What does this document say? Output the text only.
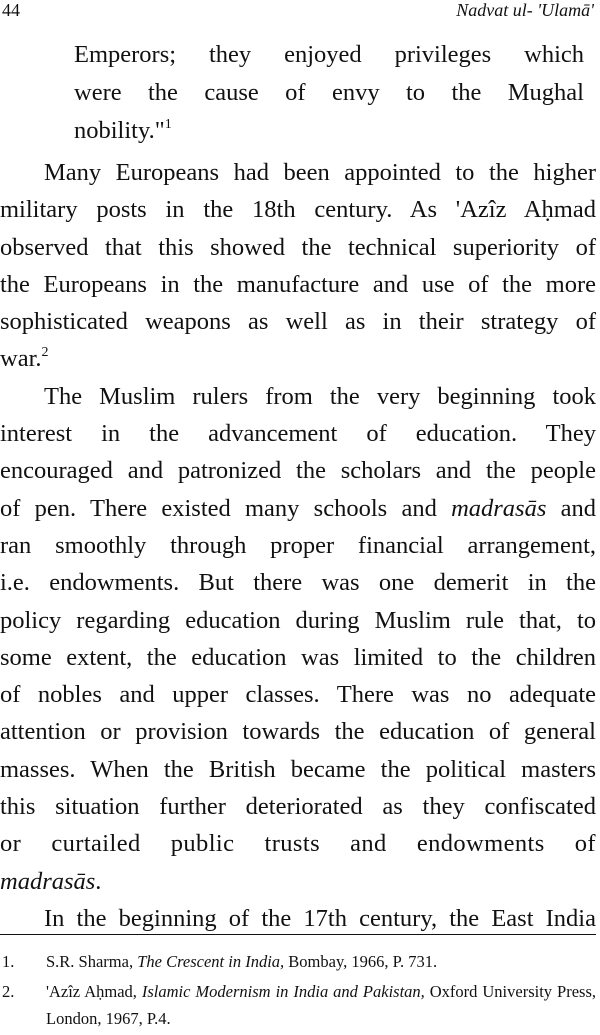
44	Nadvat ul- 'Ulamā'
Emperors; they enjoyed privileges which
were the cause of envy to the Mughal
nobility."$^1$
Many Europeans had been appointed to the higher
military posts in the 18th century. As 'Azîz Aḥmad
observed that this showed the technical superiority of
the Europeans in the manufacture and use of the more
sophisticated weapons as well as in their strategy of
war.$^2$
The Muslim rulers from the very beginning took
interest in the advancement of education. They
encouraged and patronized the scholars and the people
of pen. There existed many schools and madrasās and
ran smoothly through proper financial arrangement,
i.e. endowments. But there was one demerit in the
policy regarding education during Muslim rule that, to
some extent, the education was limited to the children
of nobles and upper classes. There was no adequate
attention or provision towards the education of general
masses. When the British became the political masters
this situation further deteriorated as they confiscated
or curtailed public trusts and endowments of
madrasās.
In the beginning of the 17th century, the East India
1. S.R. Sharma, The Crescent in India, Bombay, 1966, P. 731.
2.	'Azîz Aḥmad, Islamic Modernism in India and Pakistan, Oxford University Press, London, 1967, P.4.
